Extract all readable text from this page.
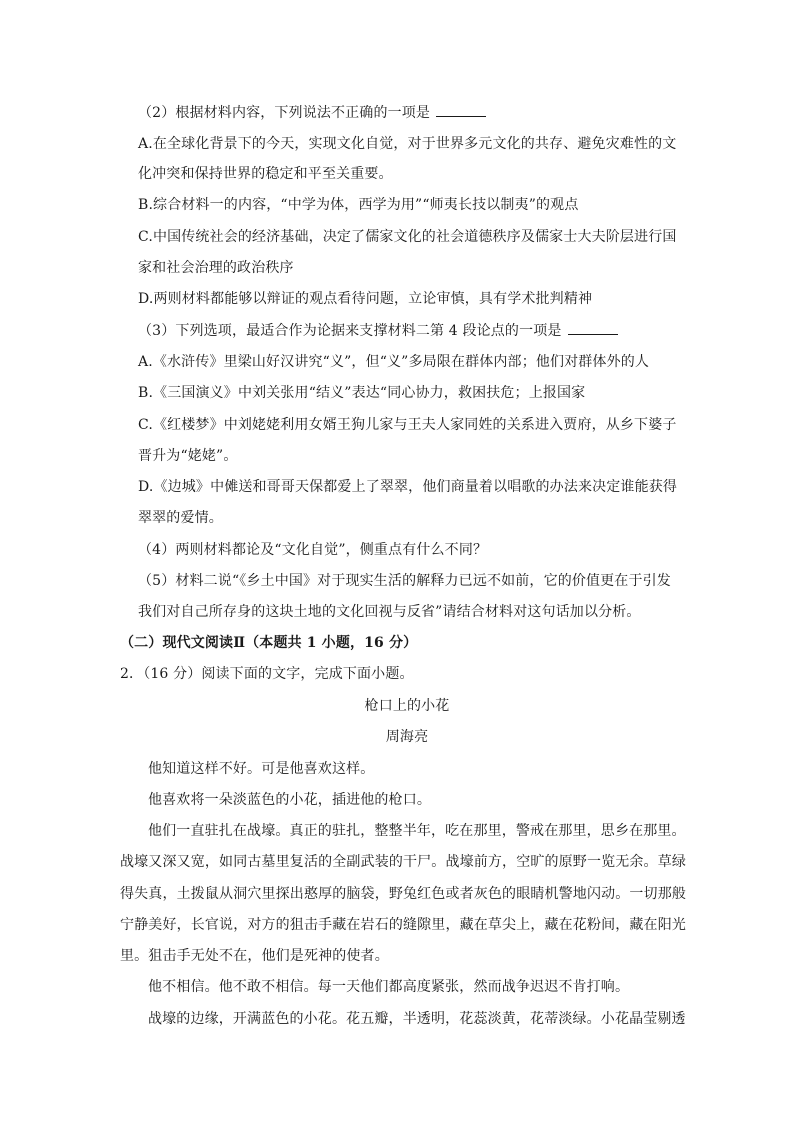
（2）根据材料内容，下列说法不正确的一项是
A.在全球化背景下的今天，实现文化自觉，对于世界多元文化的共存、避免灾难性的文
化冲突和保持世界的稳定和平至关重要。
B.综合材料一的内容，“中学为体，西学为用”“师夷长技以制夷”的观点
C.中国传统社会的经济基础，决定了儒家文化的社会道德秩序及儒家士大夫阶层进行国
家和社会治理的政治秩序
D.两则材料都能够以辩证的观点看待问题，立论审慎，具有学术批判精神
（3）下列选项，最适合作为论据来支撑材料二第 4 段论点的一项是
A.《水浒传》里梁山好汉讲究“义”，但“义”多局限在群体内部；他们对群体外的人
B.《三国演义》中刘关张用“结义”表达“同心协力，救困扶危；上报国家
C.《红楼梦》中刘姥姥利用女婿王狗儿家与王夫人家同姓的关系进入贾府，从乡下婆子
晋升为“姥姥”。
D.《边城》中傩送和哥哥天保都爱上了翠翠，他们商量着以唱歌的办法来决定谁能获得
翠翠的爱情。
（4）两则材料都论及“文化自觉”，侧重点有什么不同？
（5）材料二说“《乡土中国》对于现实生活的解释力已远不如前，它的价值更在于引发
我们对自己所存身的这块土地的文化回视与反省”请结合材料对这句话加以分析。
（二）现代文阅读Ⅱ（本题共 1 小题，16 分）
2．（16 分）阅读下面的文字，完成下面小题。
枪口上的小花
周海亮
他知道这样不好。可是他喜欢这样。
他喜欢将一朵淡蓝色的小花，插进他的枪口。
他们一直驻扎在战壕。真正的驻扎，整整半年，吃在那里，警戒在那里，思乡在那里。
战壕又深又宽，如同古墓里复活的全副武装的干尸。战壕前方，空旷的原野一览无余。草绿
得失真，土拨鼠从洞穴里探出憨厚的脑袋，野兔红色或者灰色的眼睛机警地闪动。一切那般
宁静美好，长官说，对方的狙击手藏在岩石的缝隙里，藏在草尖上，藏在花粉间，藏在阳光
里。狙击手无处不在，他们是死神的使者。
他不相信。他不敢不相信。每一天他们都高度紧张，然而战争迟迟不肯打响。
战壕的边缘，开满蓝色的小花。花五瓣，半透明，花蕊淡黄，花蒂淡绿。小花晶莹剔透
